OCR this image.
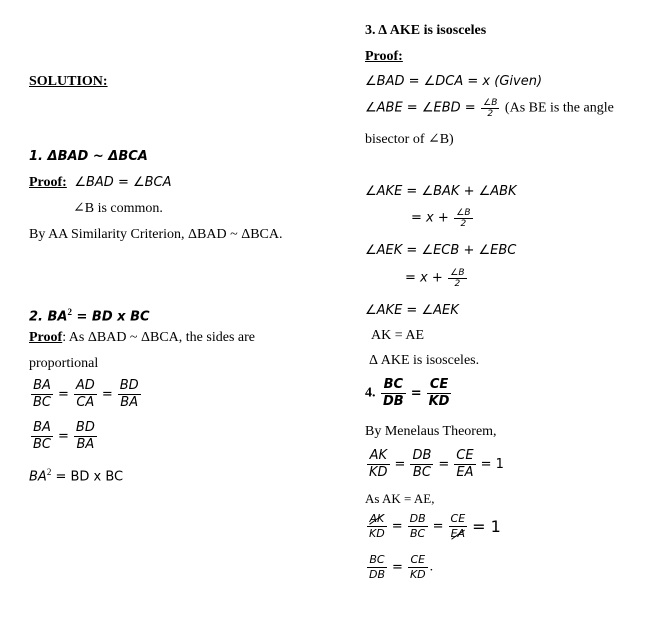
SOLUTION:
1. ΔBAD ~ ΔBCA
Proof: ∠BAD = ∠BCA
∠B is common.
By AA Similarity Criterion, ΔBAD ~ ΔBCA.
2. $BA^2$ = BD x BC
Proof: As ΔBAD ~ ΔBCA, the sides are
proportional
$\frac{BA}{BC} = \frac{AD}{CA} = \frac{BD}{BA}$
$\frac{BA}{BC} = \frac{BD}{BA}$
$BA^2$ = BD x BC
3. Δ AKE is isosceles
Proof:
∠BAD = ∠DCA = x (Given)
∠ABE = ∠EBD = $\frac{\angle B}{2} (As$ BE is the angle
bisector of ∠B)
∠AKE = ∠BAK + ∠ABK
= $x + \frac{\angle B}{2}$
∠AEK = ∠ECB + ∠EBC
= $x + \frac{\angle B}{2}$
∠AKE = ∠AEK
AK = AE
Δ AKE is isosceles.
4. $\frac{BC}{DB} = \frac{CE}{KD}$
By Menelaus Theorem,
$\frac{AK}{KD} = \frac{DB}{BC} = \frac{CE}{EA} = 1$
As AK = AE,
$\frac{AK}{KD} = \frac{DB}{BC} = \frac{CE}{EA} = 1$
$\frac{BC}{DB} = \frac{CE}{KD}$ .
